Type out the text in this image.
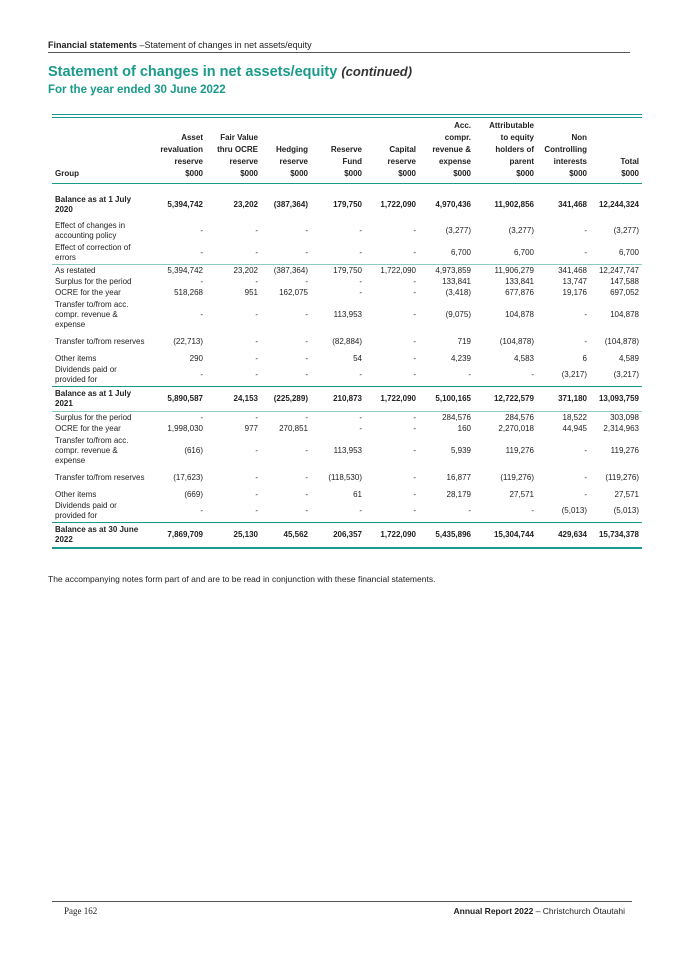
Financial statements –Statement of changes in net assets/equity
Statement of changes in net assets/equity (continued)
For the year ended 30 June 2022

Group	Asset
revaluation
reserve
$000	Fair Value
thru OCRE
reserve
$000	Hedging
reserve
$000	Reserve
Fund
$000	Capital
reserve
$000	Acc.
compr.
revenue &
expense
$000	Attributable
to equity
holders of
parent
$000	Non
Controlling
interests
$000	Total
$000
Balance as at 1 July 2020	5,394,742	23,202	(387,364)	179,750	1,722,090	4,970,436	11,902,856	341,468	12,244,324
Effect of changes in accounting policy	-	-	-	-	-	(3,277)	(3,277)	-	(3,277)
Effect of correction of errors	-	-	-	-	-	6,700	6,700	-	6,700
As restated	5,394,742	23,202	(387,364)	179,750	1,722,090	4,973,859	11,906,279	341,468	12,247,747
Surplus for the period	-	-	-	-	-	133,841	133,841	13,747	147,588
OCRE for the year	518,268	951	162,075	-	-	(3,418)	677,876	19,176	697,052
Transfer to/from acc. compr. revenue & expense	-	-	-	113,953	-	(9,075)	104,878	-	104,878
Transfer to/from reserves	(22,713)	-	-	(82,884)	-	719	(104,878)	-	(104,878)
Other items	290	-	-	54	-	4,239	4,583	6	4,589
Dividends paid or provided for	-	-	-	-	-	-	-	(3,217)	(3,217)
Balance as at 1 July 2021	5,890,587	24,153	(225,289)	210,873	1,722,090	5,100,165	12,722,579	371,180	13,093,759
Surplus for the period	-	-	-	-	-	284,576	284,576	18,522	303,098
OCRE for the year	1,998,030	977	270,851	-	-	160	2,270,018	44,945	2,314,963
Transfer to/from acc. compr. revenue & expense	(616)	-	-	113,953	-	5,939	119,276	-	119,276
Transfer to/from reserves	(17,623)	-	-	(118,530)	-	16,877	(119,276)	-	(119,276)
Other items	(669)	-	-	61	-	28,179	27,571	-	27,571
Dividends paid or provided for	-	-	-	-	-	-	-	(5,013)	(5,013)
Balance as at 30 June 2022	7,869,709	25,130	45,562	206,357	1,722,090	5,435,896	15,304,744	429,634	15,734,378
The accompanying notes form part of and are to be read in conjunction with these financial statements.
Page 162	Annual Report 2022 – Christchurch Ōtautahi
